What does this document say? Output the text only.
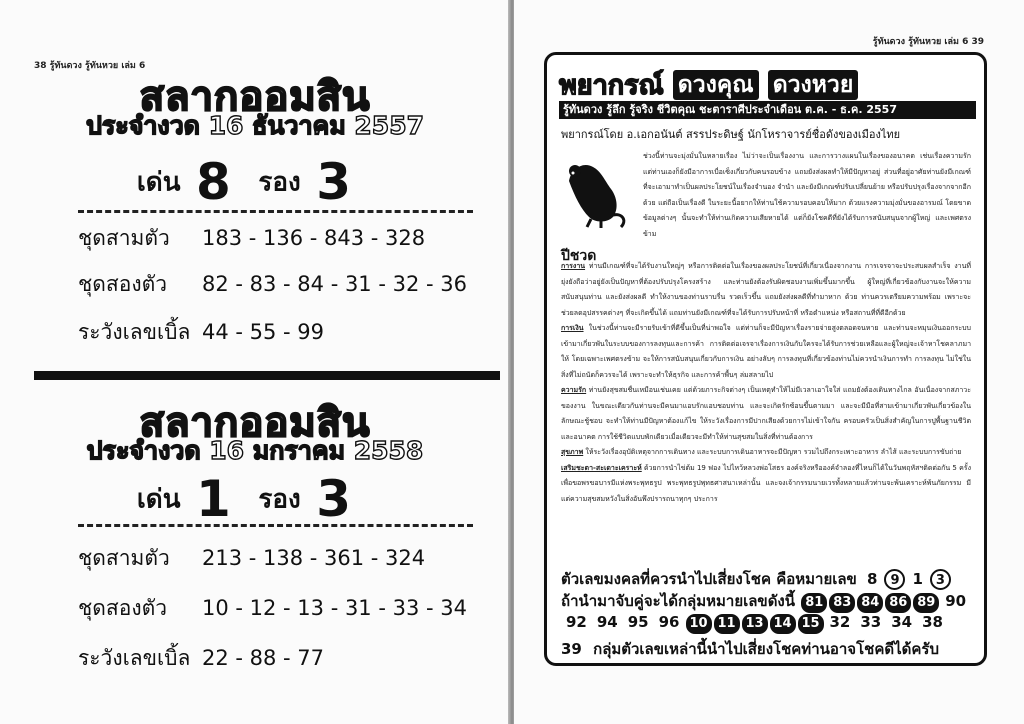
38 รู้ทันดวง รู้ทันหวย เล่ม 6
สลากออมสิน
ประจำงวด 16 ธันวาคม 2557
เด่น 8 รอง 3
ชุดสามตัว 183 - 136 - 843 - 328
ชุดสองตัว 82 - 83 - 84 - 31 - 32 - 36
ระวังเลขเบิ้ล 44 - 55 - 99
สลากออมสิน
ประจำงวด 16 มกราคม 2558
เด่น 1 รอง 3
ชุดสามตัว 213 - 138 - 361 - 324
ชุดสองตัว 10 - 12 - 13 - 31 - 33 - 34
ระวังเลขเบิ้ล 22 - 88 - 77
รู้ทันดวง รู้ทันหวย เล่ม 6 39
พยากรณ์ ดวงคุณ ดวงหวย
รู้ทันดวง รู้ลึก รู้จริง ชีวิตคุณ ชะตาราศีประจำเดือน ต.ค. - ธ.ค. 2557
พยากรณ์โดย อ.เอกอนันต์ สรรประดิษฐ์ นักโหราจารย์ชื่อดังของเมืองไทย
ปีชวด
ช่วงนี้ท่านจะมุ่งมั่นในหลายเรื่อง ไม่ว่าจะเป็นเรื่องงาน และการวางแผนในเรื่องของอนาคต เช่นเรื่องความรัก แต่ท่านเองก็ยังมีอาการเบื่อเซ็งเกี่ยวกับคนรอบข้าง แถมยังส่งผลทำให้มีปัญหาอยู่ ส่วนที่อยู่อาศัยท่านยังมีเกณฑ์ที่จะเอามาทำเป็นผลประโยชน์ในเรื่องจำนอง จำนำ และยังมีเกณฑ์ปรับเปลี่ยนย้าย หรือปรับปรุงเรื่องจากจากอีกด้วย แต่ถือเป็นเรื่องดี ในระยะนี้อยากให้ท่านใช้ความรอบคอบให้มาก ด้วยแรงความมุ่งมั่นของอารมณ์ โดยขาดข้อมูลต่างๆ นั้นจะทำให้ท่านเกิดความเสียหายได้ แต่ก็ยังโชคดีที่ยังได้รับการสนับสนุนจากผู้ใหญ่ และเพศตรงข้าม

การงาน ท่านมีเกณฑ์ที่จะได้รับงานใหญ่ๆ หรือการติดต่อในเรื่องของผลประโยชน์ที่เกี่ยวเนื่องจากงาน การเจรจาจะประสบผลสำเร็จ งานที่ยุ่งยังถือว่าอยู่ยังเป็นปัญหาที่ต้องปรับปรุงโครงสร้าง และท่านยังต้องรับผิดชอบงานเพิ่มขึ้นมากขึ้น ผู้ใหญ่ที่เกี่ยวข้องกับงานจะให้ความสนับสนุนท่าน และยังส่งผลดี ทำให้งานของท่านราบรื่น รวดเร็วขึ้น แถมยังส่งผลดีที่ทำมาหาก ด้วย ท่านควรเตรียมความพร้อม เพราะจะช่วยลดอุปสรรคต่างๆ ที่จะเกิดขึ้นได้ แถมท่านยังมีเกณฑ์ที่จะได้รับการปรับหน้าที่ หรือตำแหน่ง หรือสถานที่ที่ดีอีกด้วย

การเงิน ในช่วงนี้ท่านจะมีรายรับเข้าที่ดีขึ้นเป็นที่น่าพอใจ แต่ท่านก็จะมีปัญหาเรื่องรายจ่ายสูงตลอดจนหาย และท่านจะหมุนเงินออกระบบเข้ามาเกี่ยวพันในระบบของการลงทุนและการค้า การติดต่อเจรจาเรื่องการเงินกับใครจะได้รับการช่วยเหลือและผู้ใหญ่จะเจ้าหาโชคลาภมาให้ โดยเฉพาะเพศตรงข้าม จะให้การสนับสนุนเกี่ยวกับการเงิน อย่างลับๆ การลงทุนที่เกี่ยวข้องท่านไม่ควรนำเงินการทำ การลงทุน ไม่ใช่ในสิ่งที่ไม่ถนัดก็ควรจะได้ เพราะจะทำให้ธุรกิจ และการค้าพื้นๆ ล่มสลายไป

ความรัก ท่านยังสุขสมชื่นเหมือนเช่นเคย แต่ด้วยภาระกิจต่างๆ เป็นเหตุทำให้ไม่มีเวลาเอาใจใส่ แถมยังต้องเดินทางไกล อันเนื่องจากสภาวะของงาน ในขณะเดียวกันท่านจะมีคนมาแอบรักแอบชอบท่าน และจะเกิดรักซ้อนขึ้นตามมา และจะมีมือที่สามเข้ามาเกี่ยวพันเกี่ยวข้องในลักษณะชู้ชอบ จะทำให้ท่านมีปัญหาต้องแก้ไข ให้ระวังเรื่องการมีปากเสียงด้วยการไม่เข้าใจกัน ครอบครัวเป็นสิ่งสำคัญในการปูพื้นฐานชีวิตและอนาคต การใช้ชีวิตแบบพักเดียวเมื่อเดียวจะมีทำให้ท่านสุขสมในสิ่งที่ท่านต้องการ

สุขภาพ ให้ระวังเรื่องอุบัติเหตุจากการเดินทาง และระบบการเดินอาหารจะมีปัญหา รวมไปถึงกระเพาะอาหาร ลำไส้ และระบบการขับถ่าย

เสริมชะตา-สะเดาะเคราะห์ ด้วยการนำไข่ต้ม 19 ฟอง ไปไหว้หลวงพ่อโสธร องค์จริงหรือองค์จำลองที่ไหนก็ได้ในวันพฤหัสฯติดต่อกัน 5 ครั้ง เพื่อขอพรขอบารมีแห่งพระพุทธรูป พระพุทธรูปพุทธศาสนาเหล่านั้น และจงเจ้ากรรมนายเวรทั้งหลายแล้วท่านจะพ้นเคราะห์พ้นภัยกรรม มีแต่ความสุขสมหวังในสิ่งอันพึงปรารถนาทุกๆ ประการ

ตัวเลขมงคลที่ควรนำไปเสี่ยงโชค คือหมายเลข 8 9 1 3
ถ้านำมาจับคู่จะได้กลุ่มหมายเลขดังนี้ 81 83 84 86 89 90
92 94 95 96 10 11 13 14 15 32 33 34 38
39 กลุ่มตัวเลขเหล่านี้นำไปเสี่ยงโชคท่านอาจโชคดีได้ครับ
